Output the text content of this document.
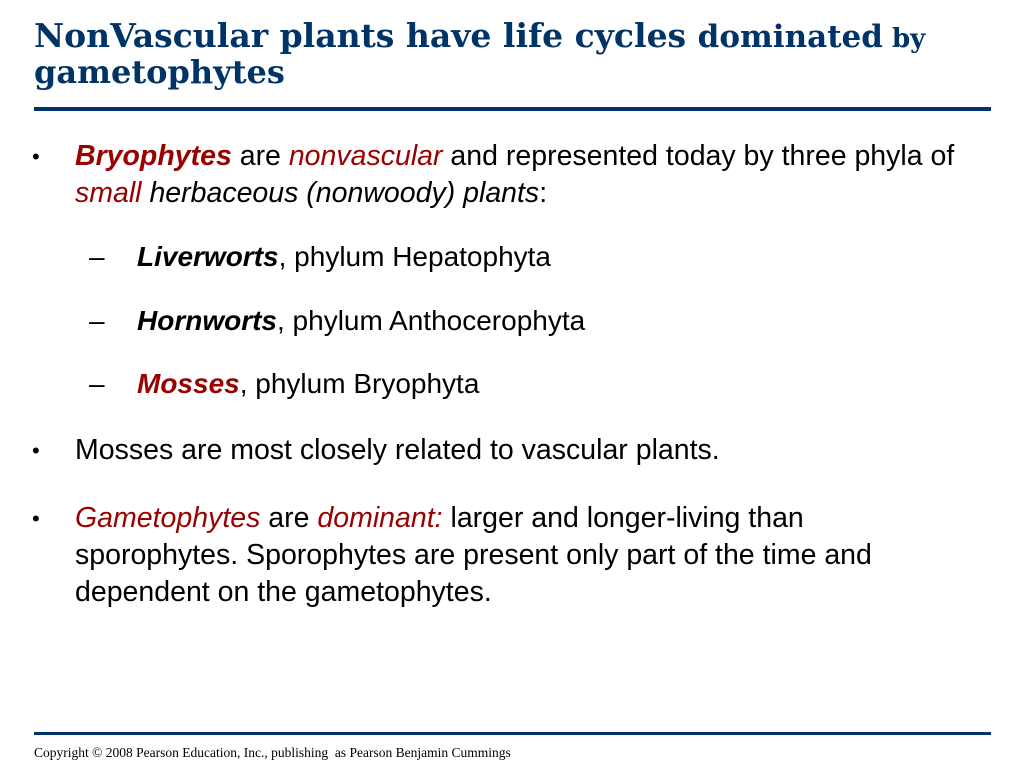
NonVascular plants have life cycles dominated by
gametophytes
• Bryophytes are nonvascular and represented today by three phyla of small herbaceous (nonwoody) plants:
– Liverworts, phylum Hepatophyta
– Hornworts, phylum Anthocerophyta
– Mosses, phylum Bryophyta
• Mosses are most closely related to vascular plants.
• Gametophytes are dominant: larger and longer-living than sporophytes. Sporophytes are present only part of the time and dependent on the gametophytes.
Copyright © 2008 Pearson Education, Inc., publishing  as Pearson Benjamin Cummings
